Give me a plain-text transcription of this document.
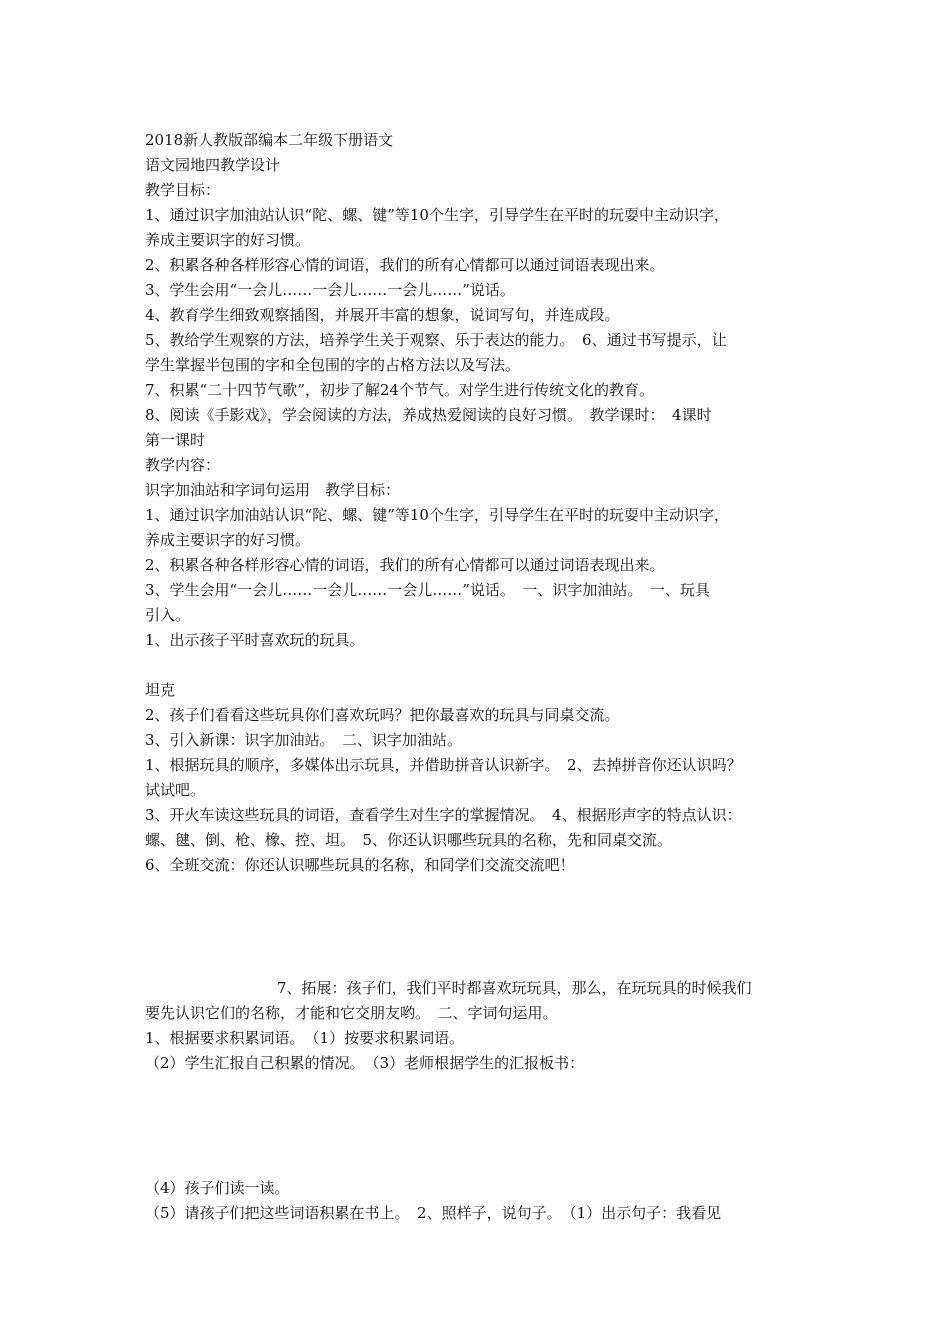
2018新人教版部编本二年级下册语文
语文园地四教学设计
教学目标：
1、通过识字加油站认识“陀、螺、键”等10个生字，引导学生在平时的玩耍中主动识字，
养成主要识字的好习惯。
2、积累各种各样形容心情的词语，我们的所有心情都可以通过词语表现出来。
3、学生会用“一会儿……一会儿……一会儿……”说话。
4、教育学生细致观察插图，并展开丰富的想象，说词写句，并连成段。
5、教给学生观察的方法，培养学生关于观察、乐于表达的能力。　6、通过书写提示，让
学生掌握半包围的字和全包围的字的占格方法以及写法。
7、积累“二十四节气歌”，初步了解24个节气。对学生进行传统文化的教育。
8、阅读《手影戏》，学会阅读的方法，养成热爱阅读的良好习惯。　教学课时：　4课时
第一课时
教学内容：
识字加油站和字词句运用　教学目标：
1、通过识字加油站认识“陀、螺、键”等10个生字，引导学生在平时的玩耍中主动识字，
养成主要识字的好习惯。
2、积累各种各样形容心情的词语，我们的所有心情都可以通过词语表现出来。
3、学生会用“一会儿……一会儿……一会儿……”说话。　一、识字加油站。　一、玩具
引入。
1、出示孩子平时喜欢玩的玩具。
坦克
2、孩子们看看这些玩具你们喜欢玩吗？把你最喜欢的玩具与同桌交流。
3、引入新课：识字加油站。　二、识字加油站。
1、根据玩具的顺序，多媒体出示玩具，并借助拼音认识新字。　2、去掉拼音你还认识吗？
试试吧。
3、开火车读这些玩具的词语，查看学生对生字的掌握情况。　4、根据形声字的特点认识：
螺、毽、倒、枪、橡、控、坦。　5、你还认识哪些玩具的名称，先和同桌交流。
6、全班交流：你还认识哪些玩具的名称，和同学们交流交流吧！
7、拓展：孩子们，我们平时都喜欢玩玩具，那么，在玩玩具的时候我们
要先认识它们的名称，才能和它交朋友哟。　二、字词句运用。
1、根据要求积累词语。　（1）按要求积累词语。
（2）学生汇报自己积累的情况。　（3）老师根据学生的汇报板书：
（4）孩子们读一读。
（5）请孩子们把这些词语积累在书上。　2、照样子，说句子。　（1）出示句子：我看见
